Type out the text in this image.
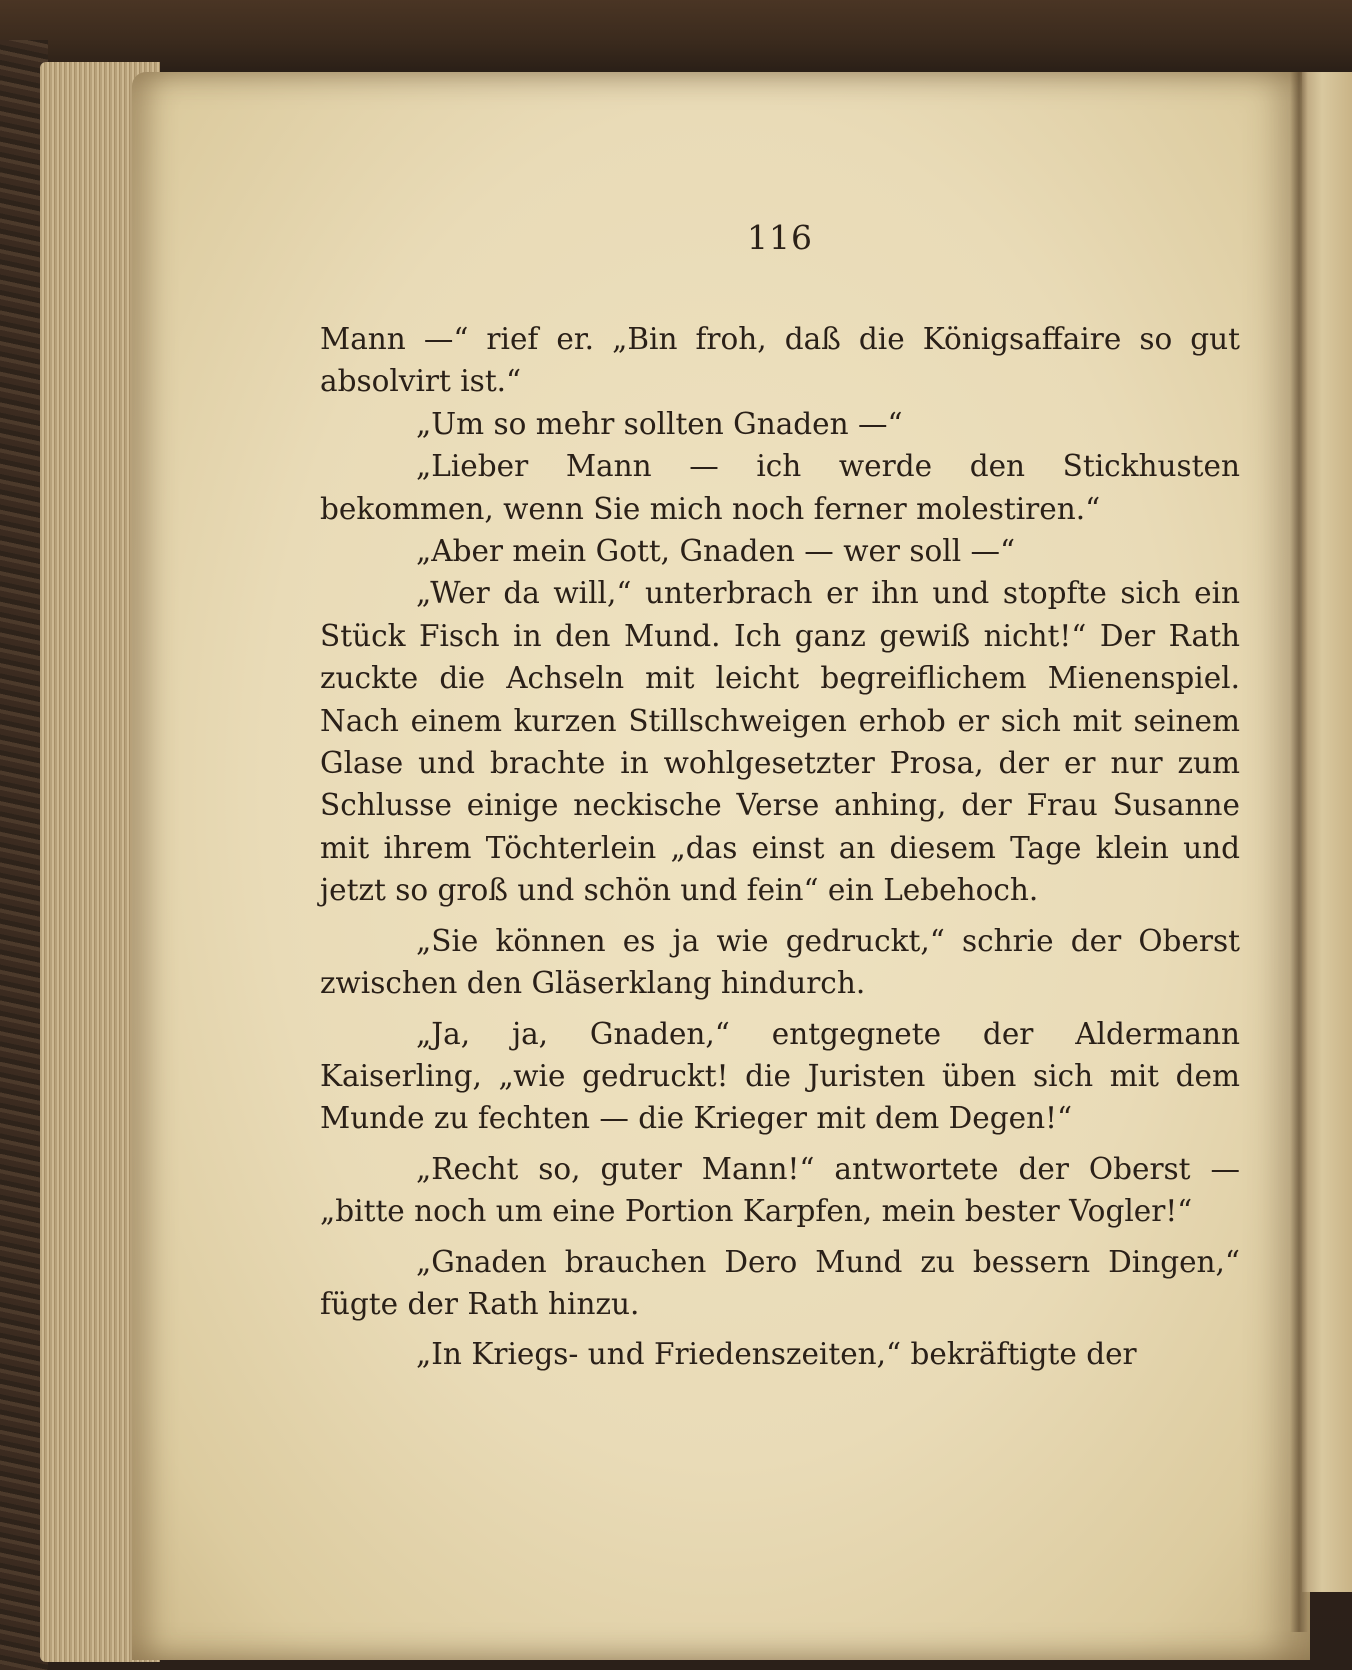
116

Mann —“ rief er. „Bin froh, daß die Königsaffaire so gut absolvirt ist.“

„Um so mehr sollten Gnaden —“

„Lieber Mann — ich werde den Stickhusten bekommen, wenn Sie mich noch ferner molestiren.“

„Aber mein Gott, Gnaden — wer soll —“

„Wer da will,“ unterbrach er ihn und stopfte sich ein Stück Fisch in den Mund. Ich ganz gewiß nicht!“ Der Rath zuckte die Achseln mit leicht begreiflichem Mienenspiel. Nach einem kurzen Stillschweigen erhob er sich mit seinem Glase und brachte in wohlgesetzter Prosa, der er nur zum Schlusse einige neckische Verse anhing, der Frau Susanne mit ihrem Töchterlein „das einst an diesem Tage klein und jetzt so groß und schön und fein“ ein Lebehoch.

„Sie können es ja wie gedruckt,“ schrie der Oberst zwischen den Gläserklang hindurch.

„Ja, ja, Gnaden,“ entgegnete der Aldermann Kaiserling, „wie gedruckt! die Juristen üben sich mit dem Munde zu fechten — die Krieger mit dem Degen!“

„Recht so, guter Mann!“ antwortete der Oberst — „bitte noch um eine Portion Karpfen, mein bester Vogler!“

„Gnaden brauchen Dero Mund zu bessern Dingen,“ fügte der Rath hinzu.

„In Kriegs- und Friedenszeiten,“ bekräftigte der
